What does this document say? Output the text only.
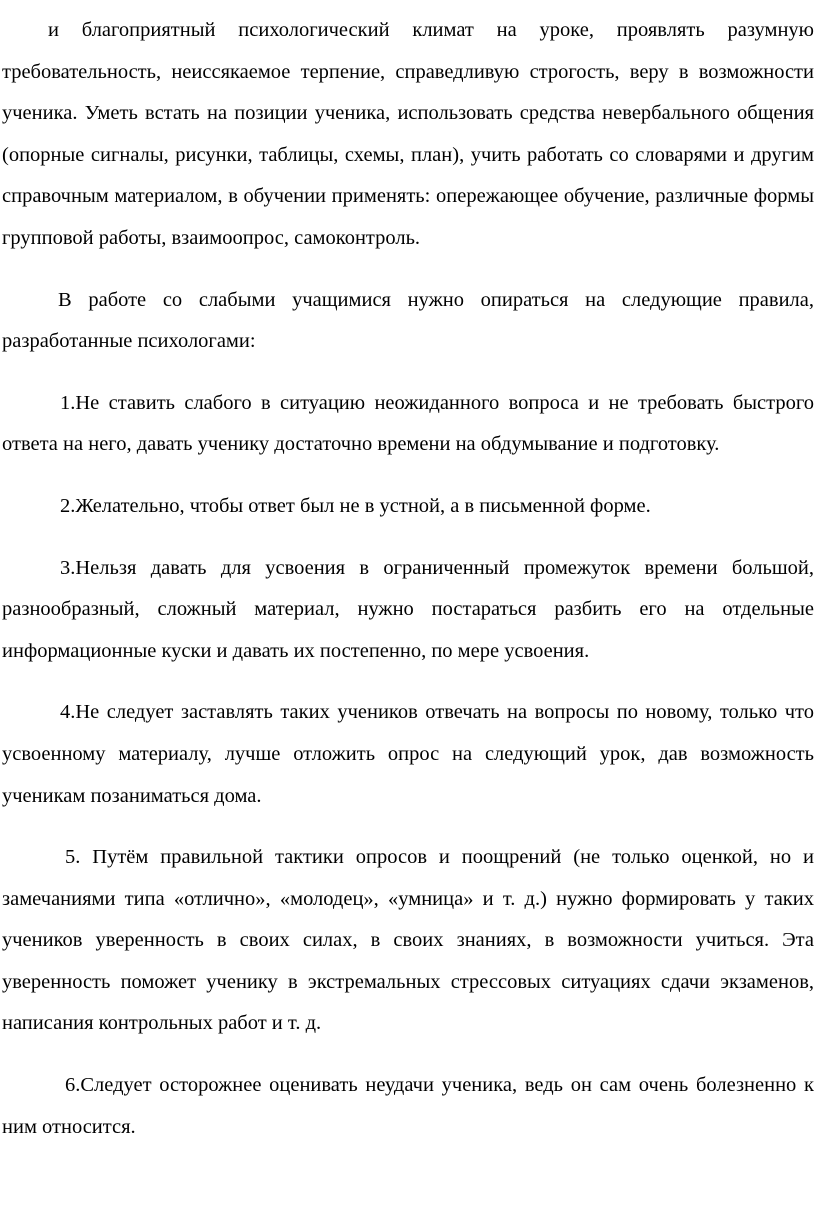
и благоприятный психологический климат на уроке, проявлять разумную требовательность, неиссякаемое терпение, справедливую строгость, веру в возможности ученика. Уметь встать на позиции ученика, использовать средства невербального общения (опорные сигналы, рисунки, таблицы, схемы, план), учить работать со словарями и другим справочным материалом, в обучении применять: опережающее обучение, различные формы групповой работы, взаимоопрос, самоконтроль.

В работе со слабыми учащимися нужно опираться на следующие правила, разработанные психологами:

1.Не ставить слабого в ситуацию неожиданного вопроса и не требовать быстрого ответа на него, давать ученику достаточно времени на обдумывание и подготовку.

2.Желательно, чтобы ответ был не в устной, а в письменной форме.

3.Нельзя давать для усвоения в ограниченный промежуток времени большой, разнообразный, сложный материал, нужно постараться разбить его на отдельные информационные куски и давать их постепенно, по мере усвоения.

4.Не следует заставлять таких учеников отвечать на вопросы по новому, только что усвоенному материалу, лучше отложить опрос на следующий урок, дав возможность ученикам позаниматься дома.

5. Путём правильной тактики опросов и поощрений (не только оценкой, но и замечаниями типа «отлично», «молодец», «умница» и т. д.) нужно формировать у таких учеников уверенность в своих силах, в своих знаниях, в возможности учиться. Эта уверенность поможет ученику в экстремальных стрессовых ситуациях сдачи экзаменов, написания контрольных работ и т. д.

6.Следует осторожнее оценивать неудачи ученика, ведь он сам очень болезненно к ним относится.
